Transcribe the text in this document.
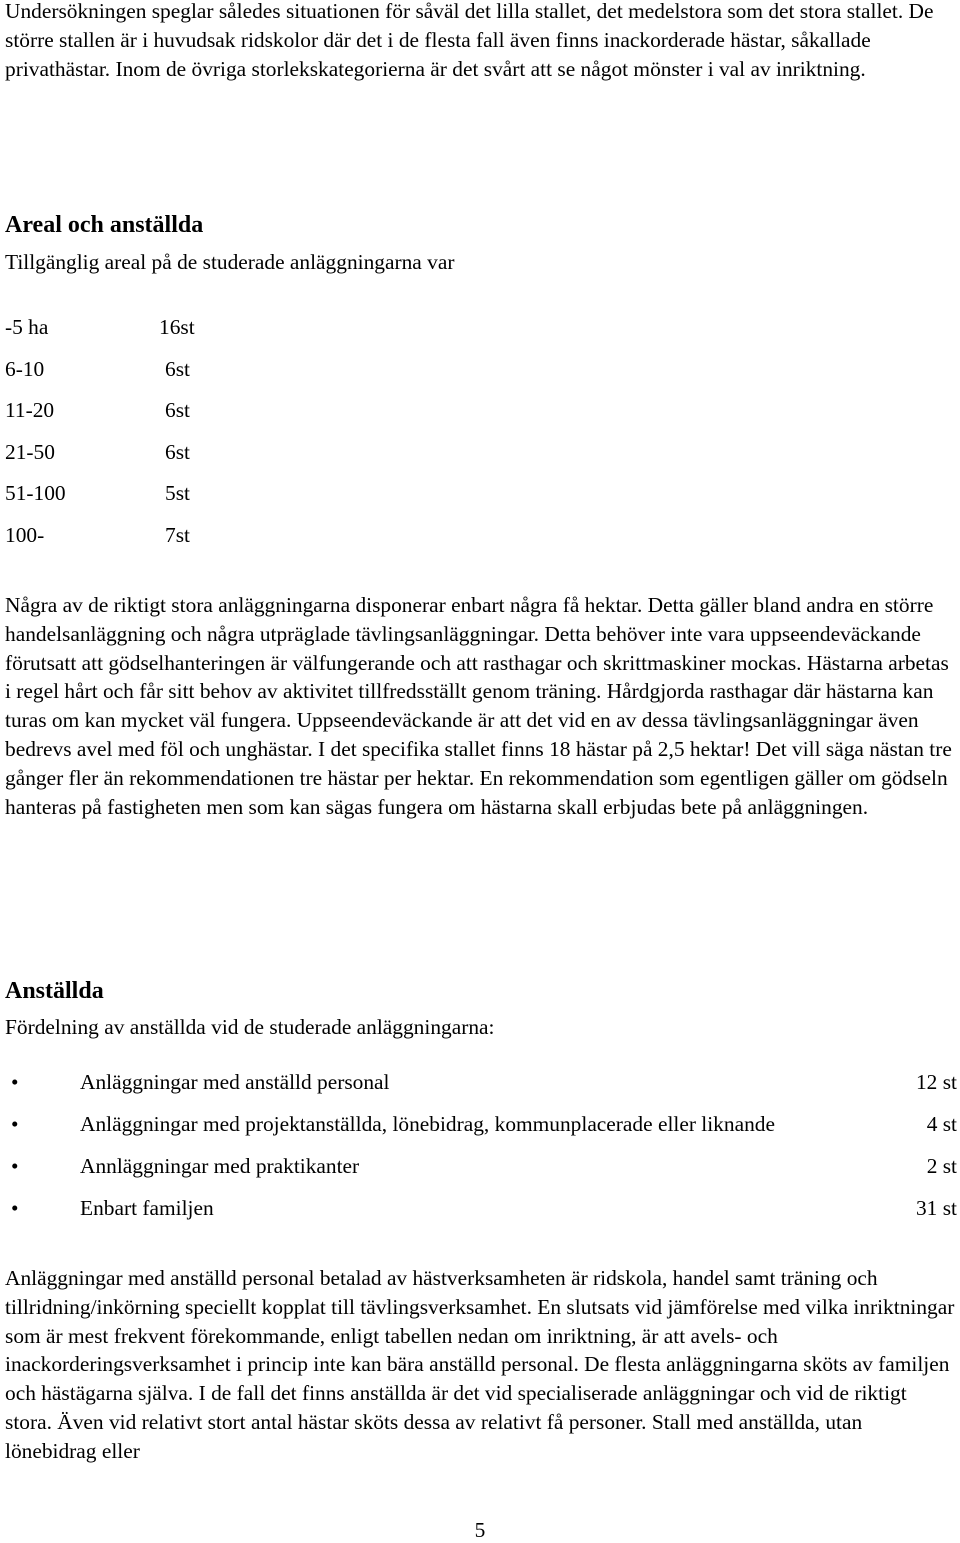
Undersökningen speglar således situationen för såväl det lilla stallet, det medelstora som det stora stallet. De större stallen är i huvudsak ridskolor där det i de flesta fall även finns inackorderade hästar, såkallade privathästar. Inom de övriga storlekskategorierna är det svårt att se något mönster i val av inriktning.

Areal och anställda

Tillgänglig areal på de studerade anläggningarna var

-5 ha	16st
6-10	6st
11-20	6st
21-50	6st
51-100	5st
100-	7st

Några av de riktigt stora anläggningarna disponerar enbart några få hektar. Detta gäller bland andra en större handelsanläggning och några utpräglade tävlingsanläggningar. Detta behöver inte vara uppseendeväckande förutsatt att gödselhanteringen är välfungerande och att rasthagar och skrittmaskiner mockas. Hästarna arbetas i regel hårt och får sitt behov av aktivitet tillfredsställt genom träning. Hårdgjorda rasthagar där hästarna kan turas om kan mycket väl fungera. Uppseendeväckande är att det vid en av dessa tävlingsanläggningar även bedrevs avel med föl och unghästar. I det specifika stallet finns 18 hästar på 2,5 hektar! Det vill säga nästan tre gånger fler än rekommendationen tre hästar per hektar. En rekommendation som egentligen gäller om gödseln hanteras på fastigheten men som kan sägas fungera om hästarna skall erbjudas bete på anläggningen.

Anställda

Fördelning av anställda vid de studerade anläggningarna:

•	Anläggningar med anställd personal	12 st
•	Anläggningar med projektanställda, lönebidrag, kommunplacerade eller liknande	4 st
•	Annläggningar med praktikanter	2 st
•	Enbart familjen	31 st

Anläggningar med anställd personal betalad av hästverksamheten är ridskola, handel samt träning och tillridning/inkörning speciellt kopplat till tävlingsverksamhet. En slutsats vid jämförelse med vilka inriktningar som är mest frekvent förekommande, enligt tabellen nedan om inriktning, är att avels- och inackorderingsverksamhet i princip inte kan bära anställd personal. De flesta anläggningarna sköts av familjen och hästägarna själva. I de fall det finns anställda är det vid specialiserade anläggningar och vid de riktigt stora. Även vid relativt stort antal hästar sköts dessa av relativt få personer. Stall med anställda, utan lönebidrag eller

5
